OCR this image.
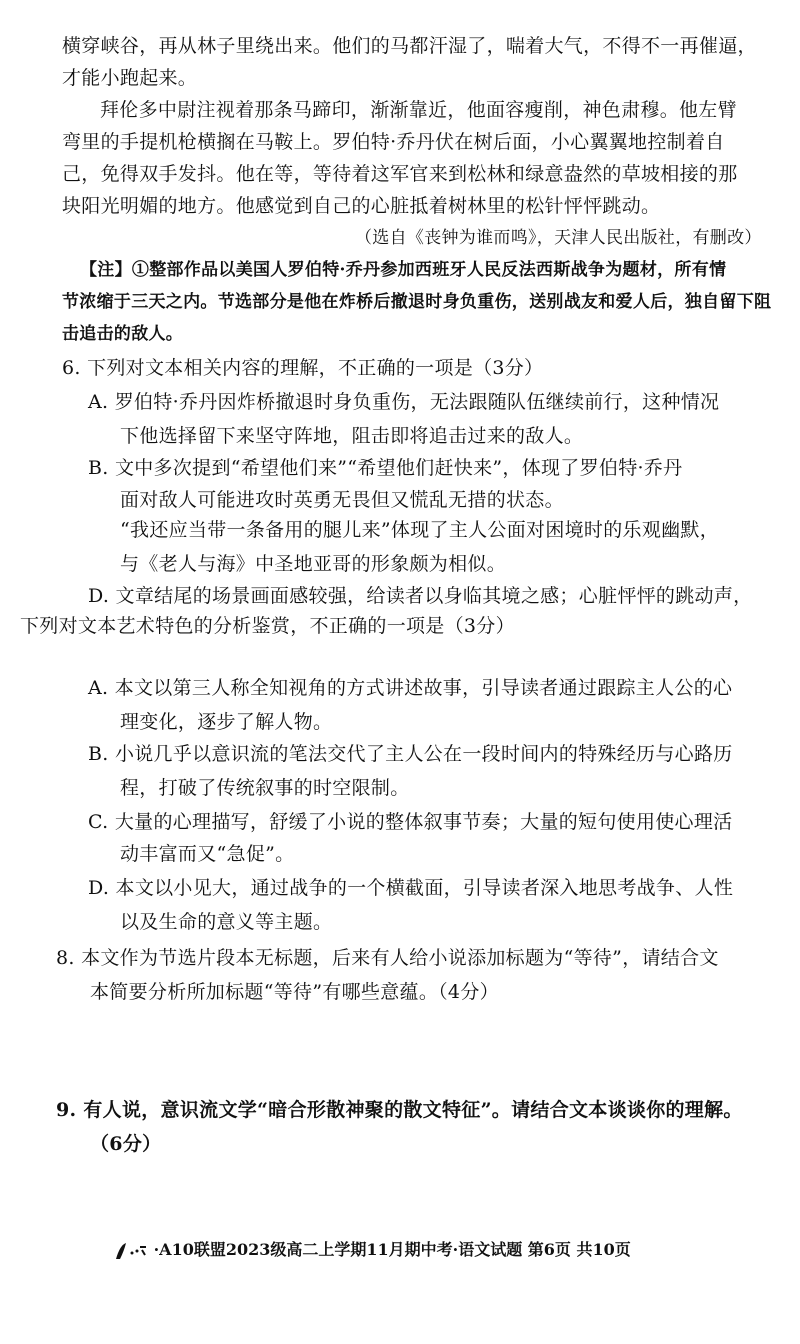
横穿峡谷，再从林子里绕出来。他们的马都汗湿了，喘着大气，不得不一再催逼，
才能小跑起来。
拜伦多中尉注视着那条马蹄印，渐渐靠近，他面容瘦削，神色肃穆。他左臂
弯里的手提机枪横搁在马鞍上。罗伯特·乔丹伏在树后面，小心翼翼地控制着自
己，免得双手发抖。他在等，等待着这军官来到松林和绿意盎然的草坡相接的那
块阳光明媚的地方。他感觉到自己的心脏抵着树林里的松针怦怦跳动。
（选自《丧钟为谁而鸣》，天津人民出版社，有删改）
【注】①整部作品以美国人罗伯特·乔丹参加西班牙人民反法西斯战争为题材，所有情
节浓缩于三天之内。节选部分是他在炸桥后撤退时身负重伤，送别战友和爱人后，独自留下阻
击追击的敌人。
6. 下列对文本相关内容的理解，不正确的一项是（3分）
A. 罗伯特·乔丹因炸桥撤退时身负重伤，无法跟随队伍继续前行，这种情况
下他选择留下来坚守阵地，阻击即将追击过来的敌人。
B. 文中多次提到“希望他们来”“希望他们赶快来”，体现了罗伯特·乔丹
面对敌人可能进攻时英勇无畏但又慌乱无措的状态。
“我还应当带一条备用的腿儿来”体现了主人公面对困境时的乐观幽默，
与《老人与海》中圣地亚哥的形象颇为相似。
D. 文章结尾的场景画面感较强，给读者以身临其境之感；心脏怦怦的跳动声，
下列对文本艺术特色的分析鉴赏，不正确的一项是（3分）
A. 本文以第三人称全知视角的方式讲述故事，引导读者通过跟踪主人公的心
理变化，逐步了解人物。
B. 小说几乎以意识流的笔法交代了主人公在一段时间内的特殊经历与心路历
程，打破了传统叙事的时空限制。
C. 大量的心理描写，舒缓了小说的整体叙事节奏；大量的短句使用使心理活
动丰富而又“急促”。
D. 本文以小见大，通过战争的一个横截面，引导读者深入地思考战争、人性
以及生命的意义等主题。
8. 本文作为节选片段本无标题，后来有人给小说添加标题为“等待”，请结合文
本简要分析所加标题“等待”有哪些意蕴。（4分）
9. 有人说，意识流文学“暗合形散神聚的散文特征”。请结合文本谈谈你的理解。
（6分）
·A10联盟2023级高二上学期11月期中考·语文试题 第6页 共10页
